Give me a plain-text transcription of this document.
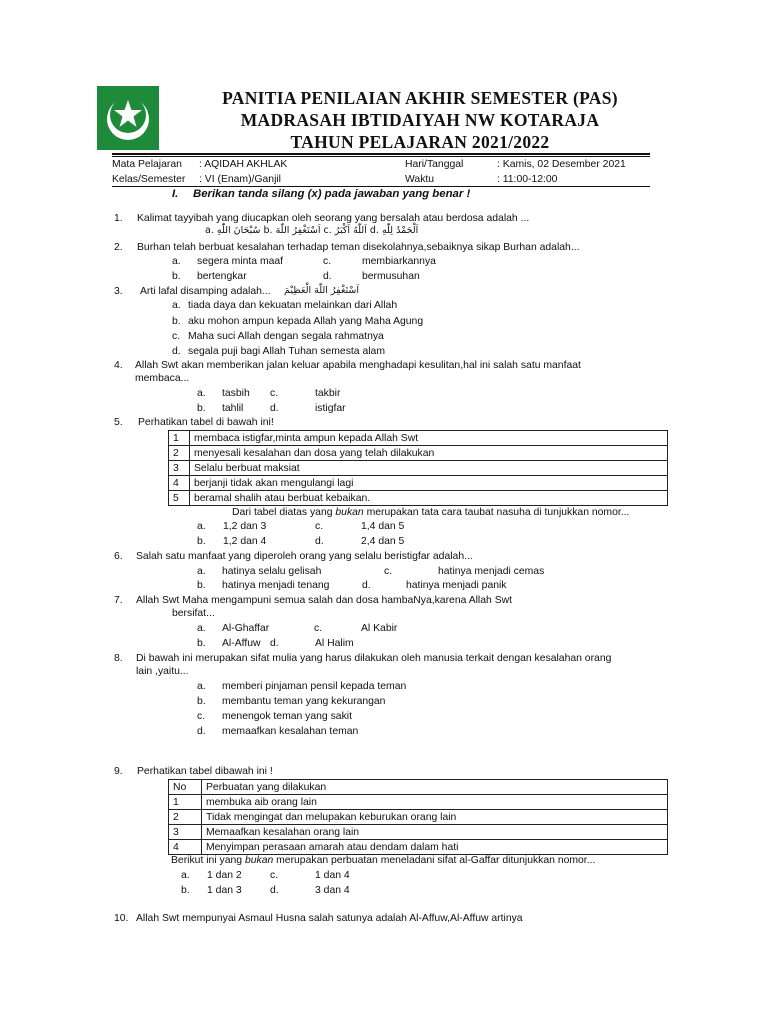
PANITIA PENILAIAN AKHIR SEMESTER (PAS)
MADRASAH IBTIDAIYAH NW KOTARAJA
TAHUN PELAJARAN 2021/2022
Mata Pelajaran : AQIDAH AKHLAK	Hari/Tanggal	: Kamis, 02 Desember 2021
Kelas/Semester : VI (Enam)/Ganjil	Waktu	: 11:00-12:00
I. Berikan tanda silang (x) pada jawaban yang benar !
1. Kalimat tayyibah yang diucapkan oleh seorang yang bersalah atau berdosa adalah ...
a. سُبْحَانَ اللّٰهِ b. اَسْتَغْفِرُ اللّٰهَ c. اَللّٰهُ اَكْبَرُ d. اَلْحَمْدُ لِلّٰهِ
2. Burhan telah berbuat kesalahan terhadap teman disekolahnya,sebaiknya sikap Burhan adalah...
a. segera minta maaf	c.	membiarkannya
b. bertengkar	d.	bermusuhan
3. Arti lafal disamping adalah... اَسْتَغْفِرُ اللّٰهَ الْعَظِيْمَ
a. tiada daya dan kekuatan melainkan dari Allah
b. aku mohon ampun kepada Allah yang Maha Agung
c. Maha suci Allah dengan segala rahmatnya
d. segala puji bagi Allah Tuhan semesta alam
4. Allah Swt akan memberikan jalan keluar apabila menghadapi kesulitan,hal ini salah satu manfaat
membaca...
a. tasbih c.	takbir
b. tahlil	d.	istigfar
5. Perhatikan tabel di bawah ini!
1	membaca istigfar,minta ampun kepada Allah Swt
2	menyesali kesalahan dan dosa yang telah dilakukan
3	Selalu berbuat maksiat
4	berjanji tidak akan mengulangi lagi
5	beramal shalih atau berbuat kebaikan.
Dari tabel diatas yang bukan merupakan tata cara taubat nasuha di tunjukkan nomor...
a. 1,2 dan 3	c.	1,4 dan 5
b. 1,2 dan 4	d.	2,4 dan 5
6. Salah satu manfaat yang diperoleh orang yang selalu beristigfar adalah...
a. hatinya selalu gelisah	c.	hatinya menjadi cemas
b. hatinya menjadi tenang	d.	hatinya menjadi panik
7. Allah Swt Maha mengampuni semua salah dan dosa hambaNya,karena Allah Swt
bersifat...
a. Al-Ghaffar	c.	Al Kabir
b. Al-Affuw d.	Al Halim
8. Di bawah ini merupakan sifat mulia yang harus dilakukan oleh manusia terkait dengan kesalahan orang
lain ,yaitu...
a. memberi pinjaman pensil kepada teman
b. membantu teman yang kekurangan
c. menengok teman yang sakit
d. memaafkan kesalahan teman
9. Perhatikan tabel dibawah ini !
No	Perbuatan yang dilakukan
1	membuka aib orang lain
2	Tidak mengingat dan melupakan keburukan orang lain
3	Memaafkan kesalahan orang lain
4	Menyimpan perasaan amarah atau dendam dalam hati
Berikut ini yang bukan merupakan perbuatan meneladani sifat al-Gaffar ditunjukkan nomor...
a. 1 dan 2	c.	1 dan 4
b. 1 dan 3	d.	3 dan 4
10. Allah Swt mempunyai Asmaul Husna salah satunya adalah Al-Affuw,Al-Affuw artinya
